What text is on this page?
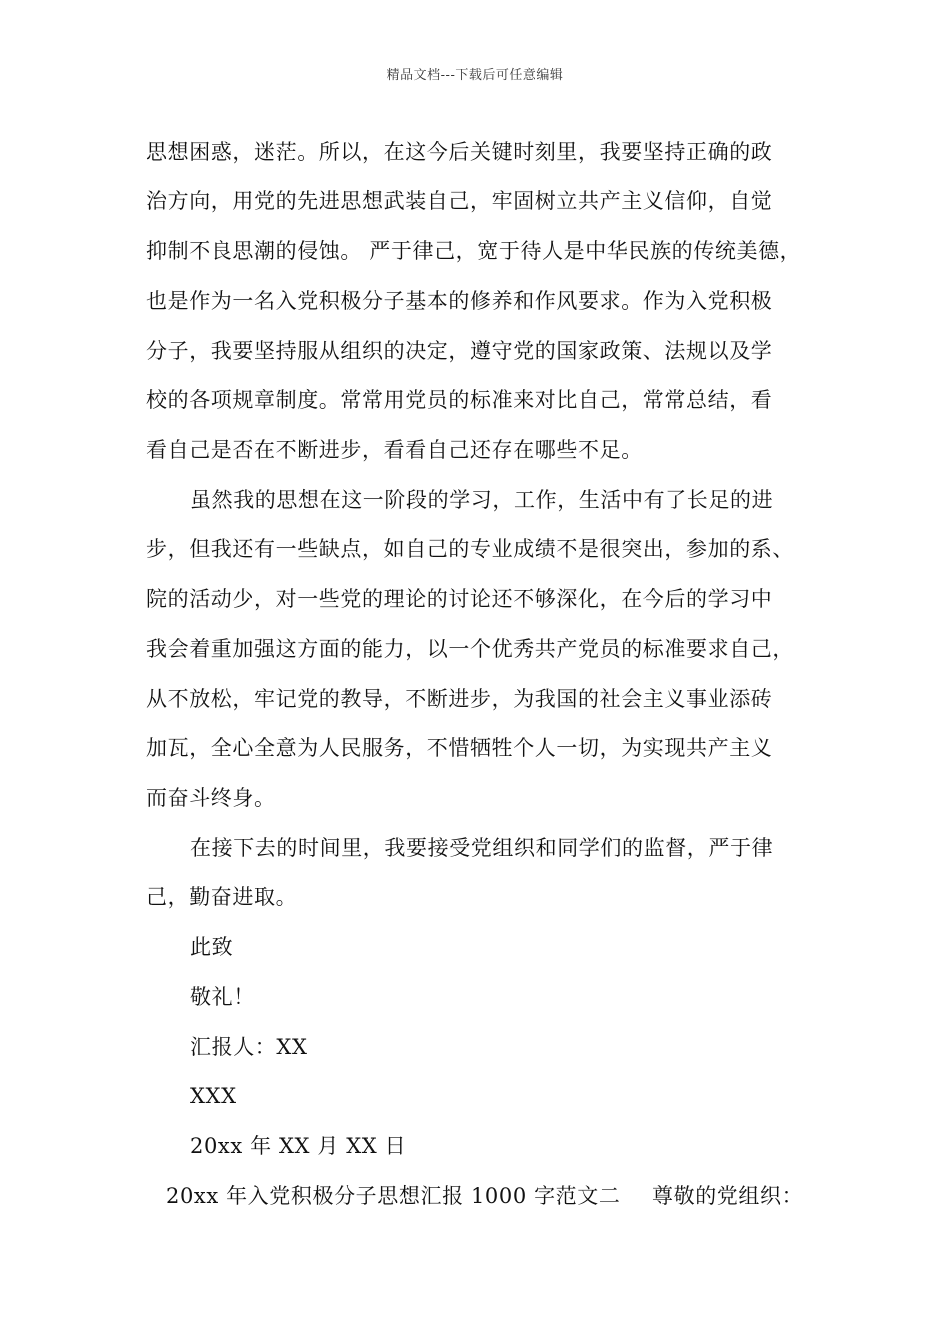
精品文档---下载后可任意编辑
思想困惑，迷茫。所以，在这今后关键时刻里，我要坚持正确的政
治方向，用党的先进思想武装自己，牢固树立共产主义信仰，自觉
抑制不良思潮的侵蚀。 严于律己，宽于待人是中华民族的传统美德，
也是作为一名入党积极分子基本的修养和作风要求。作为入党积极
分子，我要坚持服从组织的决定，遵守党的国家政策、法规以及学
校的各项规章制度。常常用党员的标准来对比自己，常常总结，看
看自己是否在不断进步，看看自己还存在哪些不足。
虽然我的思想在这一阶段的学习，工作，生活中有了长足的进
步，但我还有一些缺点，如自己的专业成绩不是很突出，参加的系、
院的活动少，对一些党的理论的讨论还不够深化，在今后的学习中
我会着重加强这方面的能力，以一个优秀共产党员的标准要求自己，
从不放松，牢记党的教导，不断进步，为我国的社会主义事业添砖
加瓦，全心全意为人民服务，不惜牺牲个人一切，为实现共产主义
而奋斗终身。
在接下去的时间里，我要接受党组织和同学们的监督，严于律
己，勤奋进取。
此致
敬礼！
汇报人：XX
XXX
20xx 年 XX 月 XX 日
20xx 年入党积极分子思想汇报 1000 字范文二 尊敬的党组织：
